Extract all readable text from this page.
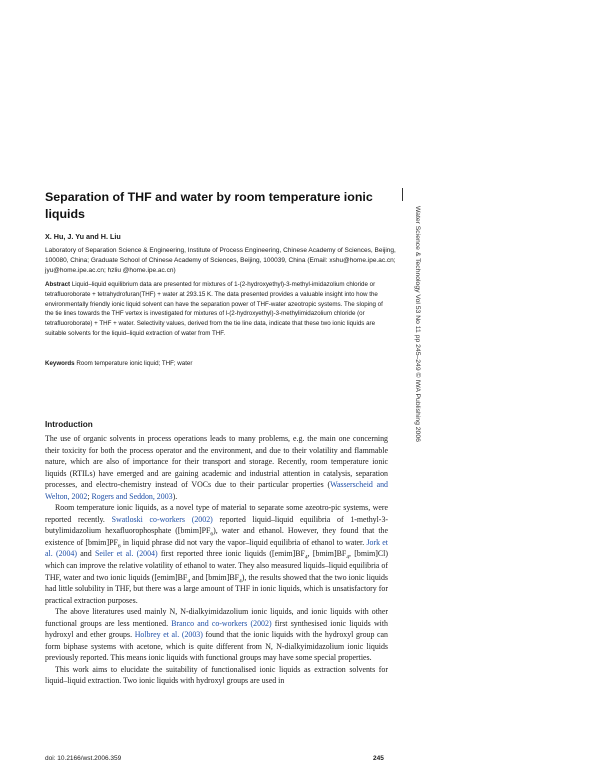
Separation of THF and water by room temperature ionic liquids
X. Hu, J. Yu and H. Liu
Laboratory of Separation Science & Engineering, Institute of Process Engineering, Chinese Academy of Sciences, Beijing, 100080, China; Graduate School of Chinese Academy of Sciences, Beijing, 100039, China (Email: xshu@home.ipe.ac.cn; jyu@home.ipe.ac.cn; hzliu @home.ipe.ac.cn)
Abstract Liquid–liquid equilibrium data are presented for mixtures of 1-(2-hydroxyethyl)-3-methyl-imidazolium chloride or tetrafluoroborate + tetrahydrofuran(THF) + water at 293.15 K. The data presented provides a valuable insight into how the environmentally friendly ionic liquid solvent can have the separation power of THF-water azeotropic systems. The sloping of the tie lines towards the THF vertex is investigated for mixtures of l-(2-hydroxyethyl)-3-methylimidazolium chloride (or tetrafluoroborate) + THF + water. Selectivity values, derived from the tie line data, indicate that these two ionic liquids are suitable solvents for the liquid–liquid extraction of water from THF.
Keywords Room temperature ionic liquid; THF; water	Water Science & Technology Vol 53 No 11 pp 245–249 © IWA Publishing 2006
Introduction

The use of organic solvents in process operations leads to many problems, e.g. the main one concerning their toxicity for both the process operator and the environment, and due to their volatility and flammable nature, which are also of importance for their transport and storage. Recently, room temperature ionic liquids (RTILs) have emerged and are gaining academic and industrial attention in catalysis, separation processes, and electro-chemistry instead of VOCs due to their particular properties (Wasserscheid and Welton, 2002; Rogers and Seddon, 2003).

Room temperature ionic liquids, as a novel type of material to separate some azeotro-pic systems, were reported recently. Swatloski co-workers (2002) reported liquid–liquid equilibria of 1-methyl-3-butylimidazolium hexafluorophosphate $([bmim]PF_6)$, water and ethanol. However, they found that the existence of $[bmim]PF_6$ in liquid phrase did not vary the vapor–liquid equilibria of ethanol to water. Jork et al. (2004) and Seiler et al. (2004) first reported three ionic liquids ($[emim]BF_4$, $[bmim]BF_4$, [bmim]Cl) which can improve the relative volatility of ethanol to water. They also measured liquids–liquid equilibria of THF, water and two ionic liquids ($[emim]BF_4$ and $[bmim]BF_4$), the results showed that the two ionic liquids had little solubility in THF, but there was a large amount of THF in ionic liquids, which is unsatisfactory for practical extraction purposes.

The above literatures used mainly N, N-dialkyimidazolium ionic liquids, and ionic liquids with other functional groups are less mentioned. Branco and co-workers (2002) first synthesised ionic liquids with hydroxyl and ether groups. Holbrey et al. (2003) found that the ionic liquids with the hydroxyl group can form biphase systems with acetone, which is quite different from N, N-dialkyimidazolium ionic liquids previously reported. This means ionic liquids with functional groups may have some special properties.

This work aims to elucidate the suitability of functionalised ionic liquids as extraction solvents for liquid–liquid extraction. Two ionic liquids with hydroxyl groups are used in

doi: 10.2166/wst.2006.359	245
